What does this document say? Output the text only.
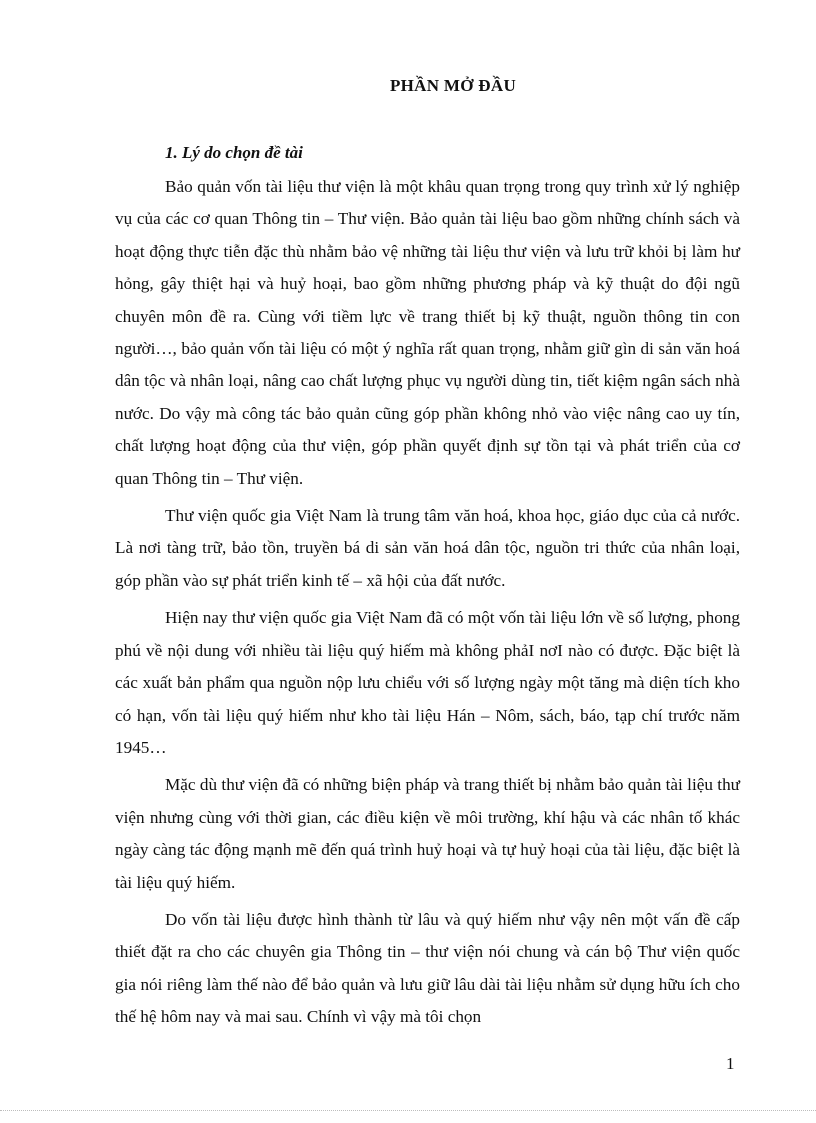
PHẦN MỞ ĐẦU
1. Lý do chọn đề tài

Bảo quản vốn tài liệu thư viện là một khâu quan trọng trong quy trình xử lý nghiệp vụ của các cơ quan Thông tin – Thư viện. Bảo quản tài liệu bao gồm những chính sách và hoạt động thực tiễn đặc thù nhằm bảo vệ những tài liệu thư viện và lưu trữ khỏi bị làm hư hỏng, gây thiệt hại và huỷ hoại, bao gồm những phương pháp và kỹ thuật do đội ngũ chuyên môn đề ra. Cùng với tiềm lực về trang thiết bị kỹ thuật, nguồn thông tin con người…, bảo quản vốn tài liệu có một ý nghĩa rất quan trọng, nhằm giữ gìn di sản văn hoá dân tộc và nhân loại, nâng cao chất lượng phục vụ người dùng tin, tiết kiệm ngân sách nhà nước. Do vậy mà công tác bảo quản cũng góp phần không nhỏ vào việc nâng cao uy tín, chất lượng hoạt động của thư viện, góp phần quyết định sự tồn tại và phát triển của cơ quan Thông tin – Thư viện.

Thư viện quốc gia Việt Nam là trung tâm văn hoá, khoa học, giáo dục của cả nước. Là nơi tàng trữ, bảo tồn, truyền bá di sản văn hoá dân tộc, nguồn tri thức của nhân loại, góp phần vào sự phát triển kinh tế – xã hội của đất nước.

Hiện nay thư viện quốc gia Việt Nam đã có một vốn tài liệu lớn về số lượng, phong phú về nội dung với nhiều tài liệu quý hiếm mà không phảI nơI nào có được. Đặc biệt là các xuất bản phẩm qua nguồn nộp lưu chiểu với số lượng ngày một tăng mà diện tích kho có hạn, vốn tài liệu quý hiếm như kho tài liệu Hán – Nôm, sách, báo, tạp chí trước năm 1945…

Mặc dù thư viện đã có những biện pháp và trang thiết bị nhằm bảo quản tài liệu thư viện nhưng cùng với thời gian, các điều kiện về môi trường, khí hậu và các nhân tố khác ngày càng tác động mạnh mẽ đến quá trình huỷ hoại và tự huỷ hoại của tài liệu, đặc biệt là tài liệu quý hiếm.

Do vốn tài liệu được hình thành từ lâu và quý hiếm như vậy nên một vấn đề cấp thiết đặt ra cho các chuyên gia Thông tin – thư viện nói chung và cán bộ Thư viện quốc gia nói riêng làm thế nào để bảo quản và lưu giữ lâu dài tài liệu nhằm sử dụng hữu ích cho thế hệ hôm nay và mai sau. Chính vì vậy mà tôi chọn

1
